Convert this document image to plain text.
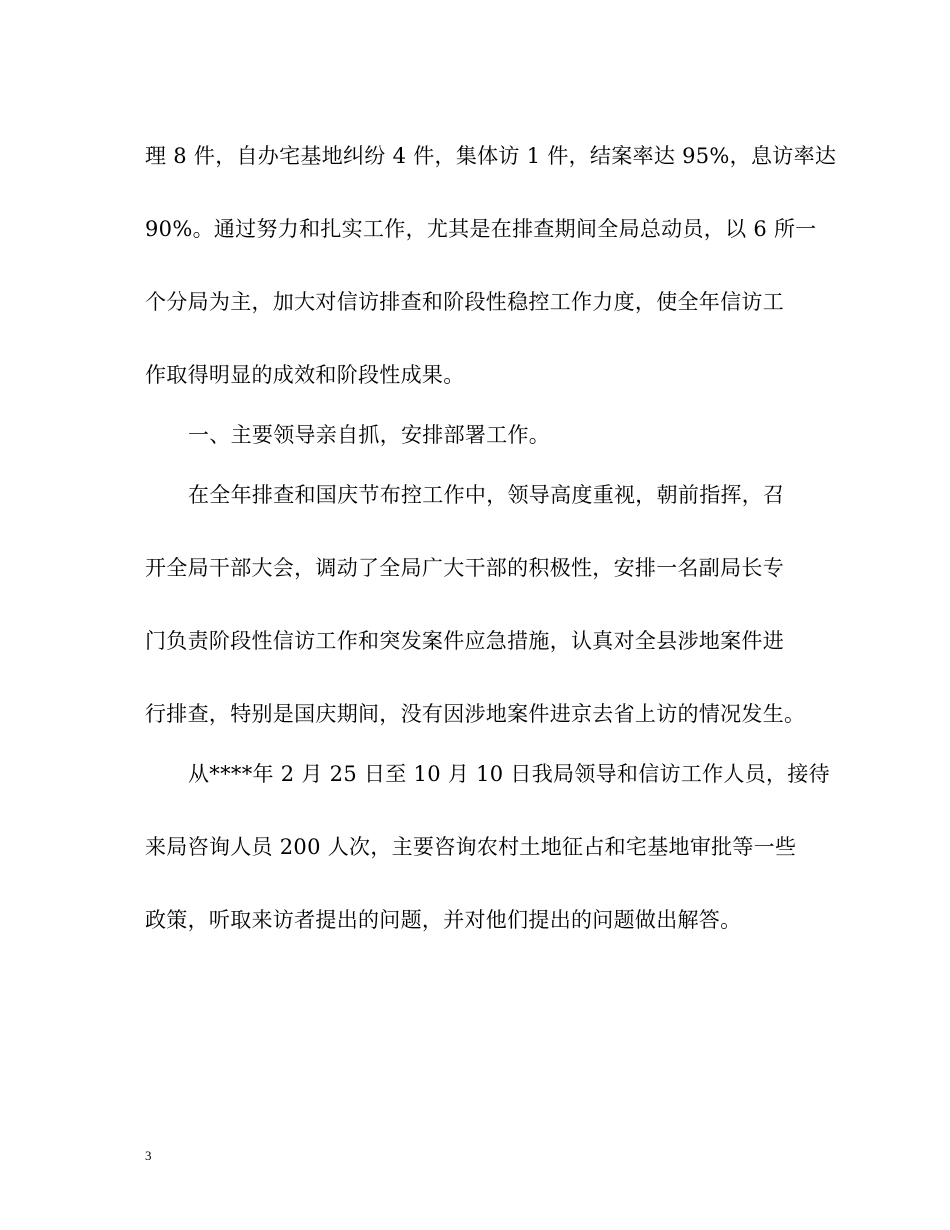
理 8 件，自办宅基地纠纷 4 件，集体访 1 件，结案率达 95%，息访率达
90%。通过努力和扎实工作，尤其是在排查期间全局总动员，以 6 所一
个分局为主，加大对信访排查和阶段性稳控工作力度，使全年信访工
作取得明显的成效和阶段性成果。
一、主要领导亲自抓，安排部署工作。
在全年排查和国庆节布控工作中，领导高度重视，朝前指挥，召
开全局干部大会，调动了全局广大干部的积极性，安排一名副局长专
门负责阶段性信访工作和突发案件应急措施，认真对全县涉地案件进
行排查，特别是国庆期间，没有因涉地案件进京去省上访的情况发生。
从****年 2 月 25 日至 10 月 10 日我局领导和信访工作人员，接待
来局咨询人员 200 人次，主要咨询农村土地征占和宅基地审批等一些
政策，听取来访者提出的问题，并对他们提出的问题做出解答。
3
